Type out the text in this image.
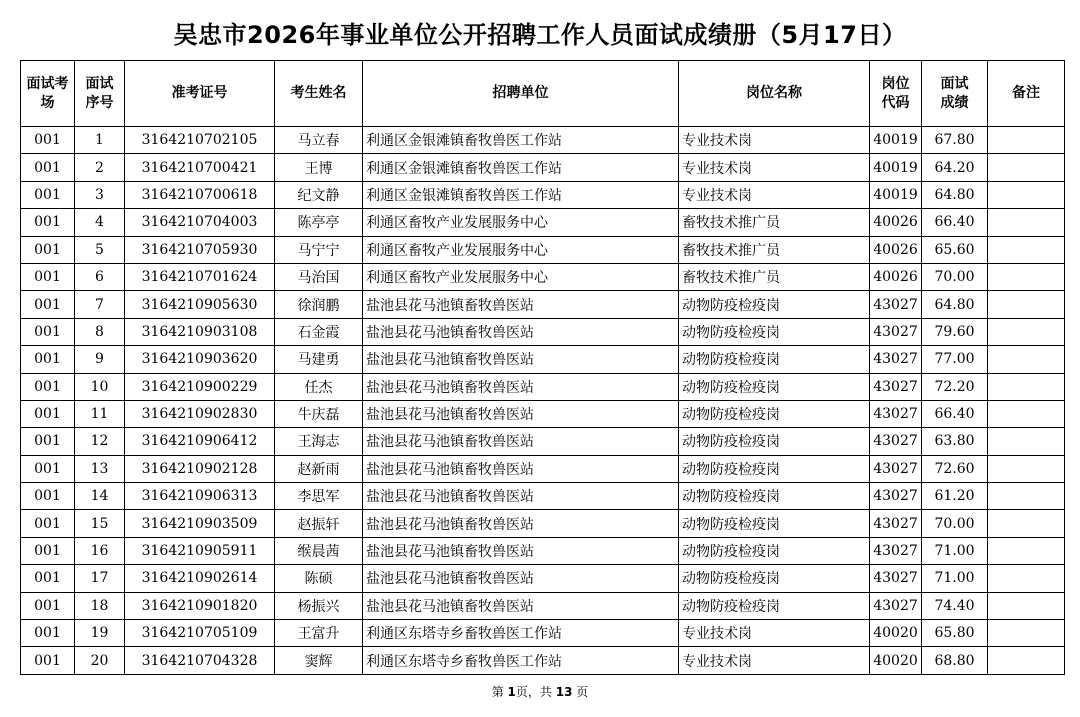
吴忠市2026年事业单位公开招聘工作人员面试成绩册（5月17日）
面试考场	面试序号	准考证号	考生姓名	招聘单位	岗位名称	岗位代码	面试成绩	备注
001	1	3164210702105	马立春	利通区金银滩镇畜牧兽医工作站	专业技术岗	40019	67.80	
001	2	3164210700421	王博	利通区金银滩镇畜牧兽医工作站	专业技术岗	40019	64.20	
001	3	3164210700618	纪文静	利通区金银滩镇畜牧兽医工作站	专业技术岗	40019	64.80	
001	4	3164210704003	陈亭亭	利通区畜牧产业发展服务中心	畜牧技术推广员	40026	66.40	
001	5	3164210705930	马宁宁	利通区畜牧产业发展服务中心	畜牧技术推广员	40026	65.60	
001	6	3164210701624	马治国	利通区畜牧产业发展服务中心	畜牧技术推广员	40026	70.00	
001	7	3164210905630	徐润鹏	盐池县花马池镇畜牧兽医站	动物防疫检疫岗	43027	64.80	
001	8	3164210903108	石金霞	盐池县花马池镇畜牧兽医站	动物防疫检疫岗	43027	79.60	
001	9	3164210903620	马建勇	盐池县花马池镇畜牧兽医站	动物防疫检疫岗	43027	77.00	
001	10	3164210900229	任杰	盐池县花马池镇畜牧兽医站	动物防疫检疫岗	43027	72.20	
001	11	3164210902830	牛庆磊	盐池县花马池镇畜牧兽医站	动物防疫检疫岗	43027	66.40	
001	12	3164210906412	王海志	盐池县花马池镇畜牧兽医站	动物防疫检疫岗	43027	63.80	
001	13	3164210902128	赵新雨	盐池县花马池镇畜牧兽医站	动物防疫检疫岗	43027	72.60	
001	14	3164210906313	李思军	盐池县花马池镇畜牧兽医站	动物防疫检疫岗	43027	61.20	
001	15	3164210903509	赵振轩	盐池县花马池镇畜牧兽医站	动物防疫检疫岗	43027	70.00	
001	16	3164210905911	缑晨茜	盐池县花马池镇畜牧兽医站	动物防疫检疫岗	43027	71.00	
001	17	3164210902614	陈硕	盐池县花马池镇畜牧兽医站	动物防疫检疫岗	43027	71.00	
001	18	3164210901820	杨振兴	盐池县花马池镇畜牧兽医站	动物防疫检疫岗	43027	74.40	
001	19	3164210705109	王富升	利通区东塔寺乡畜牧兽医工作站	专业技术岗	40020	65.80	
001	20	3164210704328	窦辉	利通区东塔寺乡畜牧兽医工作站	专业技术岗	40020	68.80	
第 1页，共 13 页
